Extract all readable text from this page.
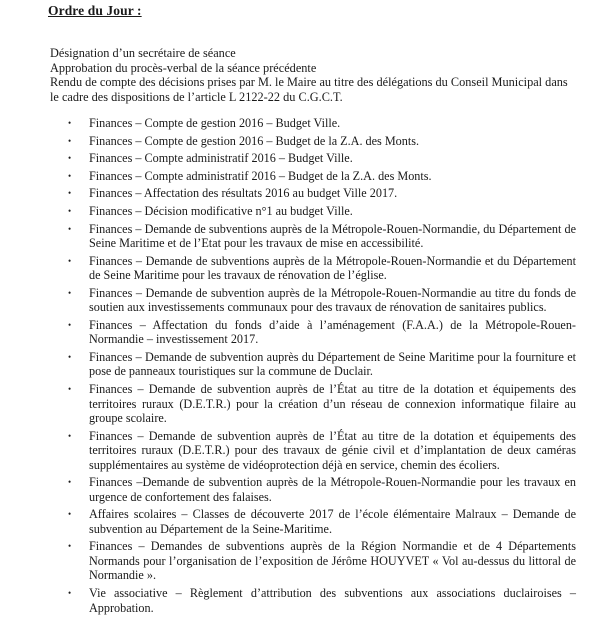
Ordre du Jour :
Désignation d’un secrétaire de séance
Approbation du procès-verbal de la séance précédente
Rendu de compte des décisions prises par M. le Maire au titre des délégations du Conseil Municipal dans le cadre des dispositions de l’article L 2122-22 du C.G.C.T.
• Finances – Compte de gestion 2016 – Budget Ville.
• Finances – Compte de gestion 2016 – Budget de la Z.A. des Monts.
• Finances – Compte administratif 2016 – Budget Ville.
• Finances – Compte administratif 2016 – Budget de la Z.A. des Monts.
• Finances – Affectation des résultats 2016 au budget Ville 2017.
• Finances – Décision modificative n°1 au budget Ville.
• Finances – Demande de subventions auprès de la Métropole-Rouen-Normandie, du Département de Seine Maritime et de l’Etat pour les travaux de mise en accessibilité.
• Finances – Demande de subventions auprès de la Métropole-Rouen-Normandie et du Département de Seine Maritime pour les travaux de rénovation de l’église.
• Finances – Demande de subvention auprès de la Métropole-Rouen-Normandie au titre du fonds de soutien aux investissements communaux pour des travaux de rénovation de sanitaires publics.
• Finances – Affectation du fonds d’aide à l’aménagement (F.A.A.) de la Métropole-Rouen-Normandie – investissement 2017.
• Finances – Demande de subvention auprès du Département de Seine Maritime pour la fourniture et pose de panneaux touristiques sur la commune de Duclair.
• Finances – Demande de subvention auprès de l’État au titre de la dotation et équipements des territoires ruraux (D.E.T.R.) pour la création d’un réseau de connexion informatique filaire au groupe scolaire.
• Finances – Demande de subvention auprès de l’État au titre de la dotation et équipements des territoires ruraux (D.E.T.R.) pour des travaux de génie civil et d’implantation de deux caméras supplémentaires au système de vidéoprotection déjà en service, chemin des écoliers.
• Finances –Demande de subvention auprès de la Métropole-Rouen-Normandie pour les travaux en urgence de confortement des falaises.
• Affaires scolaires – Classes de découverte 2017 de l’école élémentaire Malraux – Demande de subvention au Département de la Seine-Maritime.
• Finances – Demandes de subventions auprès de la Région Normandie et de 4 Départements Normands pour l’organisation de l’exposition de Jérôme HOUYVET « Vol au-dessus du littoral de Normandie ».
• Vie associative – Règlement d’attribution des subventions aux associations duclairoises – Approbation.
